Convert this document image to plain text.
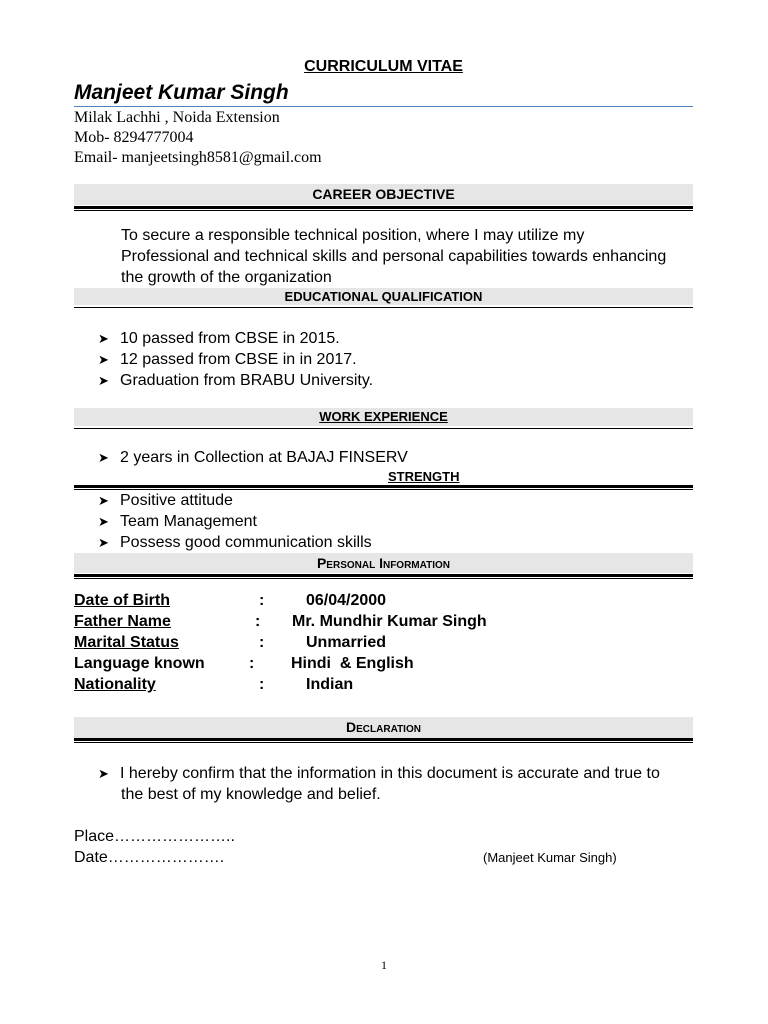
CURRICULUM VITAE
Manjeet Kumar Singh
Milak Lachhi , Noida Extension
Mob- 8294777004
Email- manjeetsingh8581@gmail.com
CAREER OBJECTIVE
To secure a responsible technical position, where I may utilize my
Professional and technical skills and personal capabilities towards enhancing
the growth of the organization
EDUCATIONAL QUALIFICATION
➤ 10 passed from CBSE in 2015.
➤ 12 passed from CBSE in in 2017.
➤ Graduation from BRABU University.
WORK EXPERIENCE
➤ 2 years in Collection at BAJAJ FINSERV
STRENGTH
➤ Positive attitude
➤ Team Management
➤ Possess good communication skills
Personal Information
Date of Birth	:	06/04/2000
Father Name	: Mr. Mundhir Kumar Singh
Marital Status	:	Unmarried
Language known	: Hindi  & English
Nationality	:	Indian
Declaration
➤ I hereby confirm that the information in this document is accurate and true to
the best of my knowledge and belief.
Place…………………..
Date………………….	(Manjeet Kumar Singh)
1
